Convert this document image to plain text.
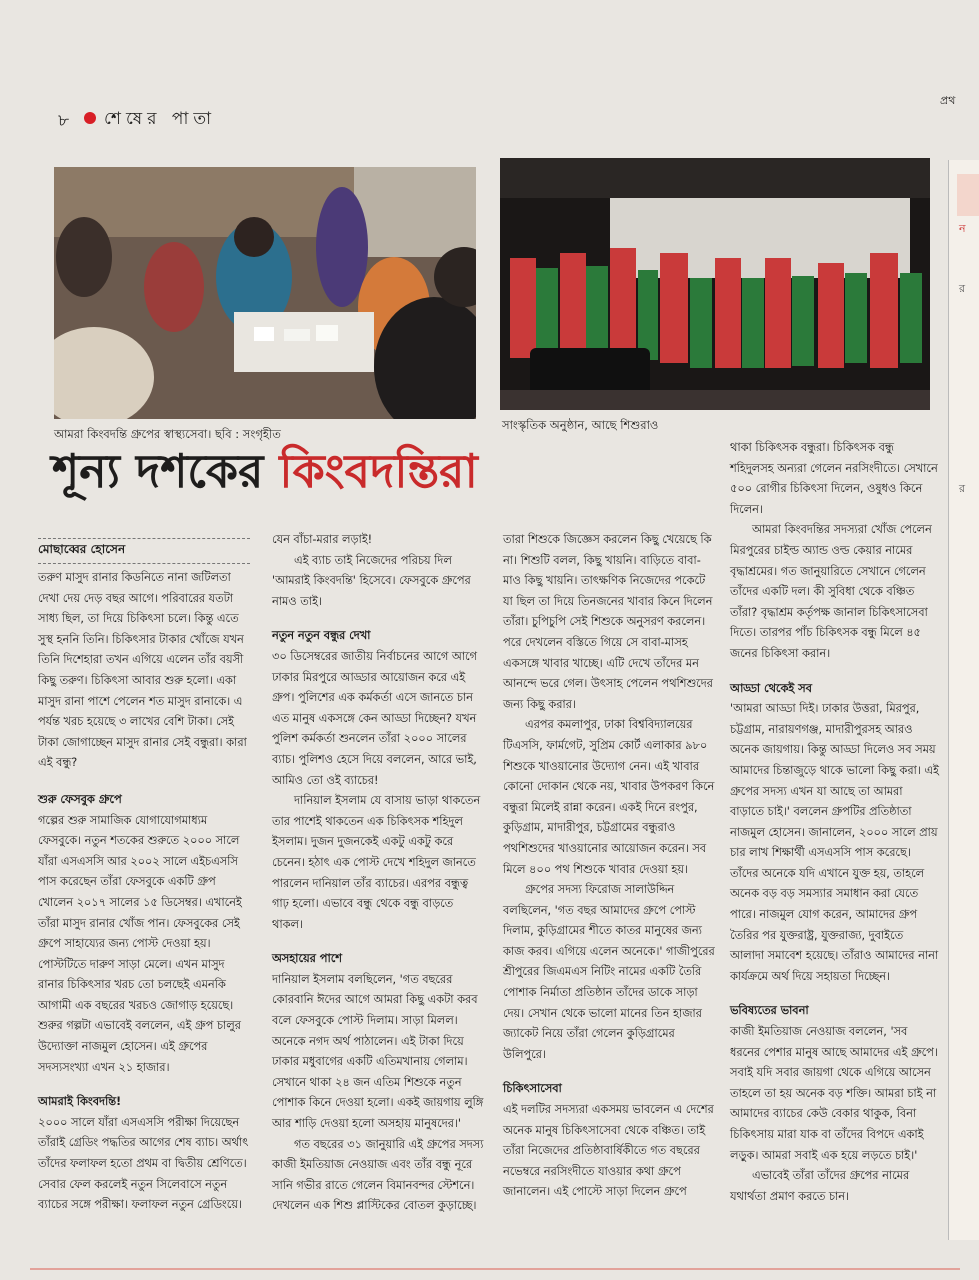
৮ শেষের পাতা
প্রথ
আমরা কিংবদন্তি গ্রুপের স্বাস্থ্যসেবা। ছবি : সংগৃহীত
সাংস্কৃতিক অনুষ্ঠান, আছে শিশুরাও
শূন্য দশকের কিংবদন্তিরা
মোছাব্বের হোসেন

তরুণ মাসুদ রানার কিডনিতে নানা জটিলতা দেখা দেয় দেড় বছর আগে। পরিবারের যতটা সাধ্য ছিল, তা দিয়ে চিকিৎসা চলে। কিন্তু এতে সুস্থ হননি তিনি। চিকিৎসার টাকার খোঁজে যখন তিনি দিশেহারা তখন এগিয়ে এলেন তাঁর বয়সী কিছু তরুণ। চিকিৎসা আবার শুরু হলো। একা মাসুদ রানা পাশে পেলেন শত মাসুদ রানাকে। এ পর্যন্ত খরচ হয়েছে ৩ লাখের বেশি টাকা। সেই টাকা জোগাচ্ছেন মাসুদ রানার সেই বন্ধুরা। কারা এই বন্ধু?

শুরু ফেসবুক গ্রুপে

গল্পের শুরু সামাজিক যোগাযোগমাধ্যম ফেসবুকে। নতুন শতকের শুরুতে ২০০০ সালে যাঁরা এসএসসি আর ২০০২ সালে এইচএসসি পাস করেছেন তাঁরা ফেসবুকে একটি গ্রুপ খোলেন ২০১৭ সালের ১৫ ডিসেম্বর। এখানেই তাঁরা মাসুদ রানার খোঁজ পান। ফেসবুকের সেই গ্রুপে সাহায্যের জন্য পোস্ট দেওয়া হয়। পোস্টটিতে দারুণ সাড়া মেলে। এখন মাসুদ রানার চিকিৎসার খরচ তো চলছেই এমনকি আগামী এক বছরের খরচও জোগাড় হয়েছে। শুরুর গল্পটা এভাবেই বললেন, এই গ্রুপ চালুর উদ্যোক্তা নাজমুল হোসেন। এই গ্রুপের সদস্যসংখ্যা এখন ২১ হাজার।

আমরাই কিংবদন্তি!

২০০০ সালে যাঁরা এসএসসি পরীক্ষা দিয়েছেন তাঁরাই গ্রেডিং পদ্ধতির আগের শেষ ব্যাচ। অর্থাৎ তাঁদের ফলাফল হতো প্রথম বা দ্বিতীয় শ্রেণিতে। সেবার ফেল করলেই নতুন সিলেবাসে নতুন ব্যাচের সঙ্গে পরীক্ষা। ফলাফল নতুন গ্রেডিংয়ে।

যেন বাঁচা-মরার লড়াই!

এই ব্যাচ তাই নিজেদের পরিচয় দিল 'আমরাই কিংবদন্তি' হিসেবে। ফেসবুকে গ্রুপের নামও তাই।

নতুন নতুন বন্ধুর দেখা

৩০ ডিসেম্বরের জাতীয় নির্বাচনের আগে আগে ঢাকার মিরপুরে আড্ডার আয়োজন করে এই গ্রুপ। পুলিশের এক কর্মকর্তা এসে জানতে চান এত মানুষ একসঙ্গে কেন আড্ডা দিচ্ছেন? যখন পুলিশ কর্মকর্তা শুনলেন তাঁরা ২০০০ সালের ব্যাচ। পুলিশও হেসে দিয়ে বললেন, আরে ভাই, আমিও তো ওই ব্যাচের!

দানিয়াল ইসলাম যে বাসায় ভাড়া থাকতেন তার পাশেই থাকতেন এক চিকিৎসক শহিদুল ইসলাম। দুজন দুজনকেই একটু একটু করে চেনেন। হঠাৎ এক পোস্ট দেখে শহিদুল জানতে পারলেন দানিয়াল তাঁর ব্যাচের। এরপর বন্ধুত্ব গাঢ় হলো। এভাবে বন্ধু থেকে বন্ধু বাড়তে থাকল।

অসহায়ের পাশে

দানিয়াল ইসলাম বলছিলেন, 'গত বছরের কোরবানি ঈদের আগে আমরা কিছু একটা করব বলে ফেসবুকে পোস্ট দিলাম। সাড়া মিলল। অনেকে নগদ অর্থ পাঠালেন। এই টাকা দিয়ে ঢাকার মধুবাগের একটি এতিমখানায় গেলাম। সেখানে থাকা ২৪ জন এতিম শিশুকে নতুন পোশাক কিনে দেওয়া হলো। একই জায়গায় লুঙ্গি আর শাড়ি দেওয়া হলো অসহায় মানুষদের।'

গত বছরের ৩১ জানুয়ারি এই গ্রুপের সদস্য কাজী ইমতিয়াজ নেওয়াজ এবং তাঁর বন্ধু নূরে সানি গভীর রাতে গেলেন বিমানবন্দর স্টেশনে। দেখলেন এক শিশু প্লাস্টিকের বোতল কুড়াচ্ছে।

তারা শিশুকে জিজ্ঞেস করলেন কিছু খেয়েছে কি না। শিশুটি বলল, কিছু খায়নি। বাড়িতে বাবা-মাও কিছু খায়নি। তাৎক্ষণিক নিজেদের পকেটে যা ছিল তা দিয়ে তিনজনের খাবার কিনে দিলেন তাঁরা। চুপিচুপি সেই শিশুকে অনুসরণ করলেন। পরে দেখলেন বস্তিতে গিয়ে সে বাবা-মাসহ একসঙ্গে খাবার খাচ্ছে। এটি দেখে তাঁদের মন আনন্দে ভরে গেল। উৎসাহ পেলেন পথশিশুদের জন্য কিছু করার।

এরপর কমলাপুর, ঢাকা বিশ্ববিদ্যালয়ের টিএসসি, ফার্মগেট, সুপ্রিম কোর্ট এলাকার ৯৮০ শিশুকে খাওয়ানোর উদ্যোগ নেন। এই খাবার কোনো দোকান থেকে নয়, খাবার উপকরণ কিনে বন্ধুরা মিলেই রান্না করেন। একই দিনে রংপুর, কুড়িগ্রাম, মাদারীপুর, চট্টগ্রামের বন্ধুরাও পথশিশুদের খাওয়ানোর আয়োজন করেন। সব মিলে ৪০০ পথ শিশুকে খাবার দেওয়া হয়।

গ্রুপের সদস্য ফিরোজ সালাউদ্দিন বলছিলেন, 'গত বছর আমাদের গ্রুপে পোস্ট দিলাম, কুড়িগ্রামের শীতে কাতর মানুষের জন্য কাজ করব। এগিয়ে এলেন অনেকে।' গাজীপুরের শ্রীপুরের জিএমএস নিটিং নামের একটি তৈরি পোশাক নির্মাতা প্রতিষ্ঠান তাঁদের ডাকে সাড়া দেয়। সেখান থেকে ভালো মানের তিন হাজার জ্যাকেট নিয়ে তাঁরা গেলেন কুড়িগ্রামের উলিপুরে।

চিকিৎসাসেবা

এই দলটির সদস্যরা একসময় ভাবলেন এ দেশের অনেক মানুষ চিকিৎসাসেবা থেকে বঞ্চিত। তাই তাঁরা নিজেদের প্রতিষ্ঠাবার্ষিকীতে গত বছরের নভেম্বরে নরসিংদীতে যাওয়ার কথা গ্রুপে জানালেন। এই পোস্টে সাড়া দিলেন গ্রুপে

থাকা চিকিৎসক বন্ধুরা। চিকিৎসক বন্ধু শহিদুলসহ অন্যরা গেলেন নরসিংদীতে। সেখানে ৫০০ রোগীর চিকিৎসা দিলেন, ওষুধও কিনে দিলেন।

আমরা কিংবদন্তির সদস্যরা খোঁজ পেলেন মিরপুরের চাইল্ড অ্যান্ড ওল্ড কেয়ার নামের বৃদ্ধাশ্রমের। গত জানুয়ারিতে সেখানে গেলেন তাঁদের একটি দল। কী সুবিধা থেকে বঞ্চিত তাঁরা? বৃদ্ধাশ্রম কর্তৃপক্ষ জানাল চিকিৎসাসেবা দিতে। তারপর পাঁচ চিকিৎসক বন্ধু মিলে ৪৫ জনের চিকিৎসা করান।

আড্ডা থেকেই সব

'আমরা আড্ডা দিই। ঢাকার উত্তরা, মিরপুর, চট্টগ্রাম, নারায়ণগঞ্জ, মাদারীপুরসহ আরও অনেক জায়গায়। কিন্তু আড্ডা দিলেও সব সময় আমাদের চিন্তাজুড়ে থাকে ভালো কিছু করা। এই গ্রুপের সদস্য এখন যা আছে তা আমরা বাড়াতে চাই।' বললেন গ্রুপটির প্রতিষ্ঠাতা নাজমুল হোসেন। জানালেন, ২০০০ সালে প্রায় চার লাখ শিক্ষার্থী এসএসসি পাস করেছে। তাঁদের অনেকে যদি এখানে যুক্ত হয়, তাহলে অনেক বড় বড় সমস্যার সমাধান করা যেতে পারে। নাজমুল যোগ করেন, আমাদের গ্রুপ তৈরির পর যুক্তরাষ্ট্র, যুক্তরাজ্য, দুবাইতে আলাদা সমাবেশ হয়েছে। তাঁরাও আমাদের নানা কার্যক্রমে অর্থ দিয়ে সহায়তা দিচ্ছেন।

ভবিষ্যতের ভাবনা

কাজী ইমতিয়াজ নেওয়াজ বললেন, 'সব ধরনের পেশার মানুষ আছে আমাদের এই গ্রুপে। সবাই যদি সবার জায়গা থেকে এগিয়ে আসেন তাহলে তা হয় অনেক বড় শক্তি। আমরা চাই না আমাদের ব্যাচের কেউ বেকার থাকুক, বিনা চিকিৎসায় মারা যাক বা তাঁদের বিপদে একাই লড়ুক। আমরা সবাই এক হয়ে লড়তে চাই।'

এভাবেই তাঁরা তাঁদের গ্রুপের নামের যথার্থতা প্রমাণ করতে চান।

ন
র
র
